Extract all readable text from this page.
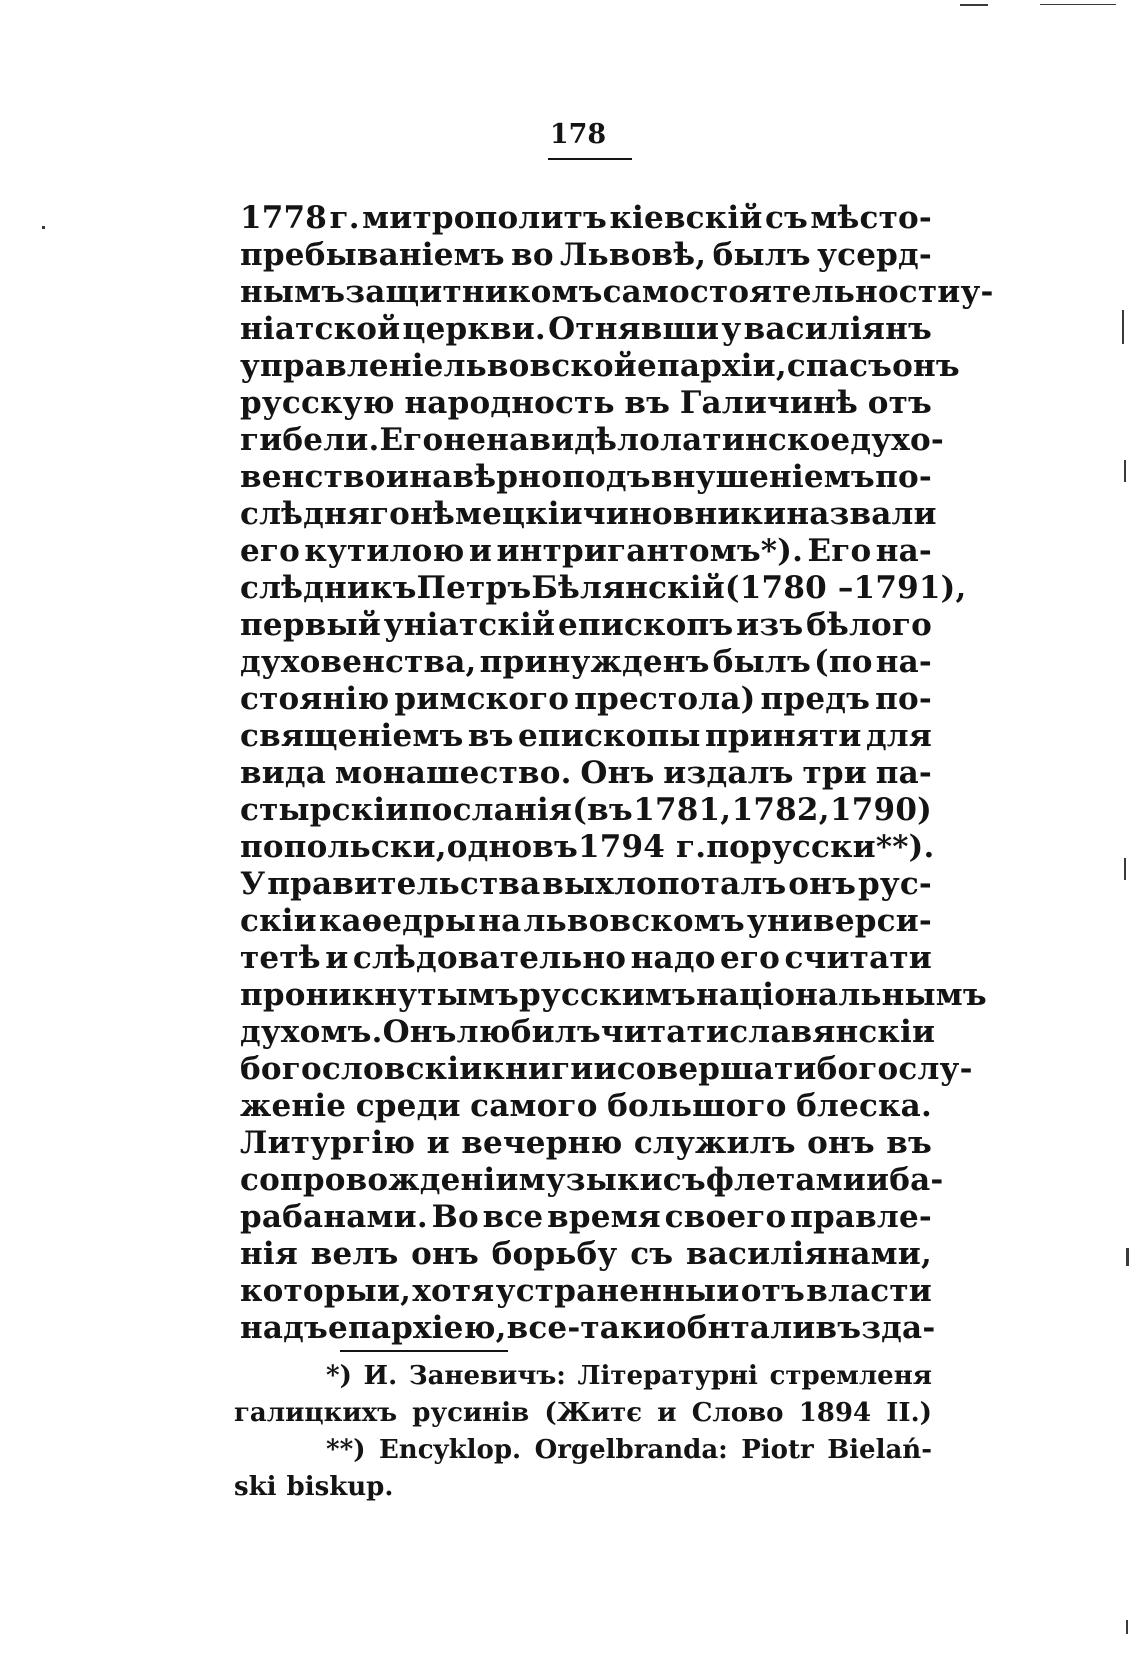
178
1778 г. митрополитъ кіевскій съ мѣсто-
пребываніемъ во Львовѣ, былъ усерд-
нымъ защитникомъ самостоятельности у-
ніатской церкви. Отнявши у василіянъ
управленіе львовской епархіи, спасъ онъ
русскую народность въ Галичинѣ отъ
гибели. Его ненавидѣло латинское духо-
венство и навѣрно подъ внушеніемъ по-
слѣдняго нѣмецкіи чиновники назвали
его кутилою и интригантомъ*). Его на-
слѣдникъ Петръ Бѣлянскій (1780 –1791),
первый уніатскій епископъ изъ бѣлого
духовенства, принужденъ былъ (по на-
стоянію римского престола) предъ по-
священіемъ въ епископы приняти для
вида монашество. Онъ издалъ три па-
стырскіи посланія (въ 1781, 1782, 1790)
по польски, одно въ 1794 г. по русски**).
У правительства выхлопоталъ онъ рус-
скіи каѳедры на львовскомъ универси-
тетѣ и слѣдовательно надо его считати
проникнутымъ русскимъ національнымъ
духомъ. Онъ любилъ читати славянскіи
богословскіи книги и совершати богослу-
женіе среди самого большого блеска.
Литургію и вечерню служилъ онъ въ
сопровожденіи музыки съ флетами и ба-
рабанами. Во все время своего правле-
нія велъ онъ борьбу съ василіянами,
которыи, хотя устраненныи отъ власти
надъ епархіею, все-таки обнтали въ зда-
*) И. Заневичъ: Літературні стремленя
галицкихъ русинів (Житє и Слово 1894 II.)
**) Encyklop. Orgelbranda: Piotr Bielań-
ski biskup.
